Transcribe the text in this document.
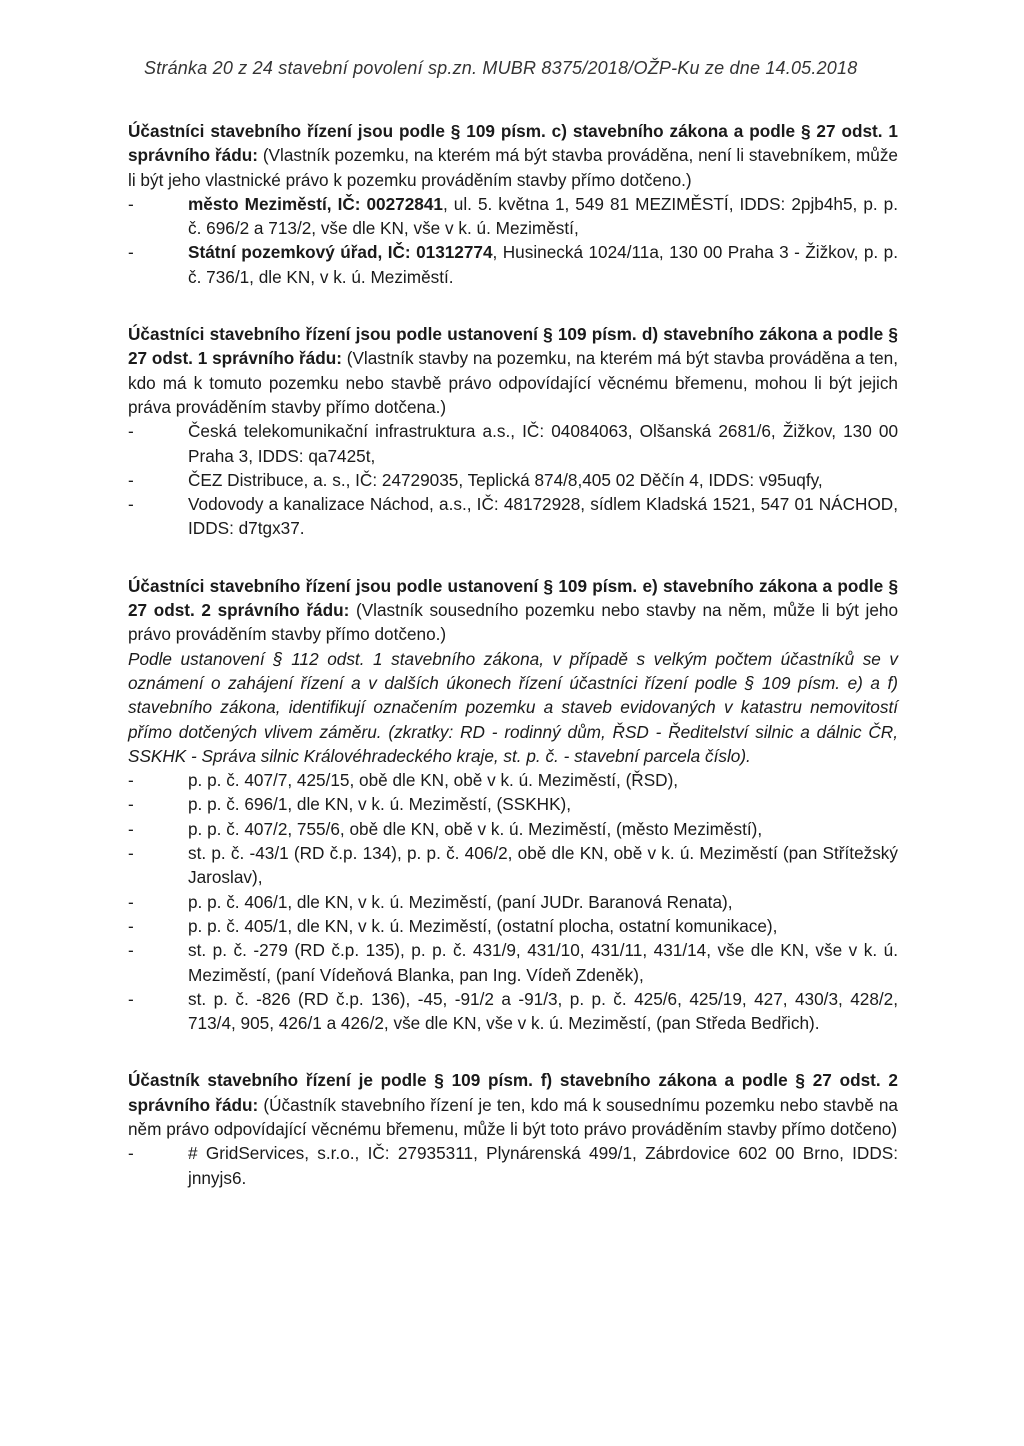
Stránka 20 z 24 stavební povolení sp.zn. MUBR 8375/2018/OŽP-Ku ze dne 14.05.2018

Účastníci stavebního řízení jsou podle § 109 písm. c) stavebního zákona a podle § 27 odst. 1 správního řádu: (Vlastník pozemku, na kterém má být stavba prováděna, není li stavebníkem, může li být jeho vlastnické právo k pozemku prováděním stavby přímo dotčeno.)

-	město Meziměstí, IČ: 00272841, ul. 5. května 1, 549 81 MEZIMĚSTÍ, IDDS: 2pjb4h5, p. p. č. 696/2 a 713/2, vše dle KN, vše v k. ú. Meziměstí,
-	Státní pozemkový úřad, IČ: 01312774, Husinecká 1024/11a, 130 00 Praha 3 - Žižkov, p. p. č. 736/1, dle KN, v k. ú. Meziměstí.

Účastníci stavebního řízení jsou podle ustanovení § 109 písm. d) stavebního zákona a podle § 27 odst. 1 správního řádu: (Vlastník stavby na pozemku, na kterém má být stavba prováděna a ten, kdo má k tomuto pozemku nebo stavbě právo odpovídající věcnému břemenu, mohou li být jejich práva prováděním stavby přímo dotčena.)

-	Česká telekomunikační infrastruktura a.s., IČ: 04084063, Olšanská 2681/6, Žižkov, 130 00 Praha 3, IDDS: qa7425t,
-	ČEZ Distribuce, a. s., IČ: 24729035, Teplická 874/8,405 02 Děčín 4, IDDS: v95uqfy,
-	Vodovody a kanalizace Náchod, a.s., IČ: 48172928, sídlem Kladská 1521, 547 01 NÁCHOD, IDDS: d7tgx37.

Účastníci stavebního řízení jsou podle ustanovení § 109 písm. e) stavebního zákona a podle § 27 odst. 2 správního řádu: (Vlastník sousedního pozemku nebo stavby na něm, může li být jeho právo prováděním stavby přímo dotčeno.)

Podle ustanovení § 112 odst. 1 stavebního zákona, v případě s velkým počtem účastníků se v oznámení o zahájení řízení a v dalších úkonech řízení účastníci řízení podle § 109 písm. e) a f) stavebního zákona, identifikují označením pozemku a staveb evidovaných v katastru nemovitostí přímo dotčených vlivem záměru. (zkratky: RD - rodinný dům, ŘSD - Ředitelství silnic a dálnic ČR, SSKHK - Správa silnic Královéhradeckého kraje, st. p. č. - stavební parcela číslo).

-	p. p. č. 407/7, 425/15, obě dle KN, obě v k. ú. Meziměstí, (ŘSD),
-	p. p. č. 696/1, dle KN, v k. ú. Meziměstí, (SSKHK),
-	p. p. č. 407/2, 755/6, obě dle KN, obě v k. ú. Meziměstí, (město Meziměstí),
-	st. p. č. -43/1 (RD č.p. 134), p. p. č. 406/2, obě dle KN, obě v k. ú. Meziměstí (pan Střítežský Jaroslav),
-	p. p. č. 406/1, dle KN, v k. ú. Meziměstí, (paní JUDr. Baranová Renata),
-	p. p. č. 405/1, dle KN, v k. ú. Meziměstí, (ostatní plocha, ostatní komunikace),
-	st. p. č. -279 (RD č.p. 135), p. p. č. 431/9, 431/10, 431/11, 431/14, vše dle KN, vše v k. ú. Meziměstí, (paní Vídeňová Blanka, pan Ing. Vídeň Zdeněk),
-	st. p. č. -826 (RD č.p. 136), -45, -91/2 a -91/3, p. p. č. 425/6, 425/19, 427, 430/3, 428/2, 713/4, 905, 426/1 a 426/2, vše dle KN, vše v k. ú. Meziměstí, (pan Středa Bedřich).

Účastník stavebního řízení je podle § 109 písm. f) stavebního zákona a podle § 27 odst. 2 správního řádu: (Účastník stavebního řízení je ten, kdo má k sousednímu pozemku nebo stavbě na něm právo odpovídající věcnému břemenu, může li být toto právo prováděním stavby přímo dotčeno)

-	# GridServices, s.r.o., IČ: 27935311, Plynárenská 499/1, Zábrdovice 602 00 Brno, IDDS: jnnyjs6.
